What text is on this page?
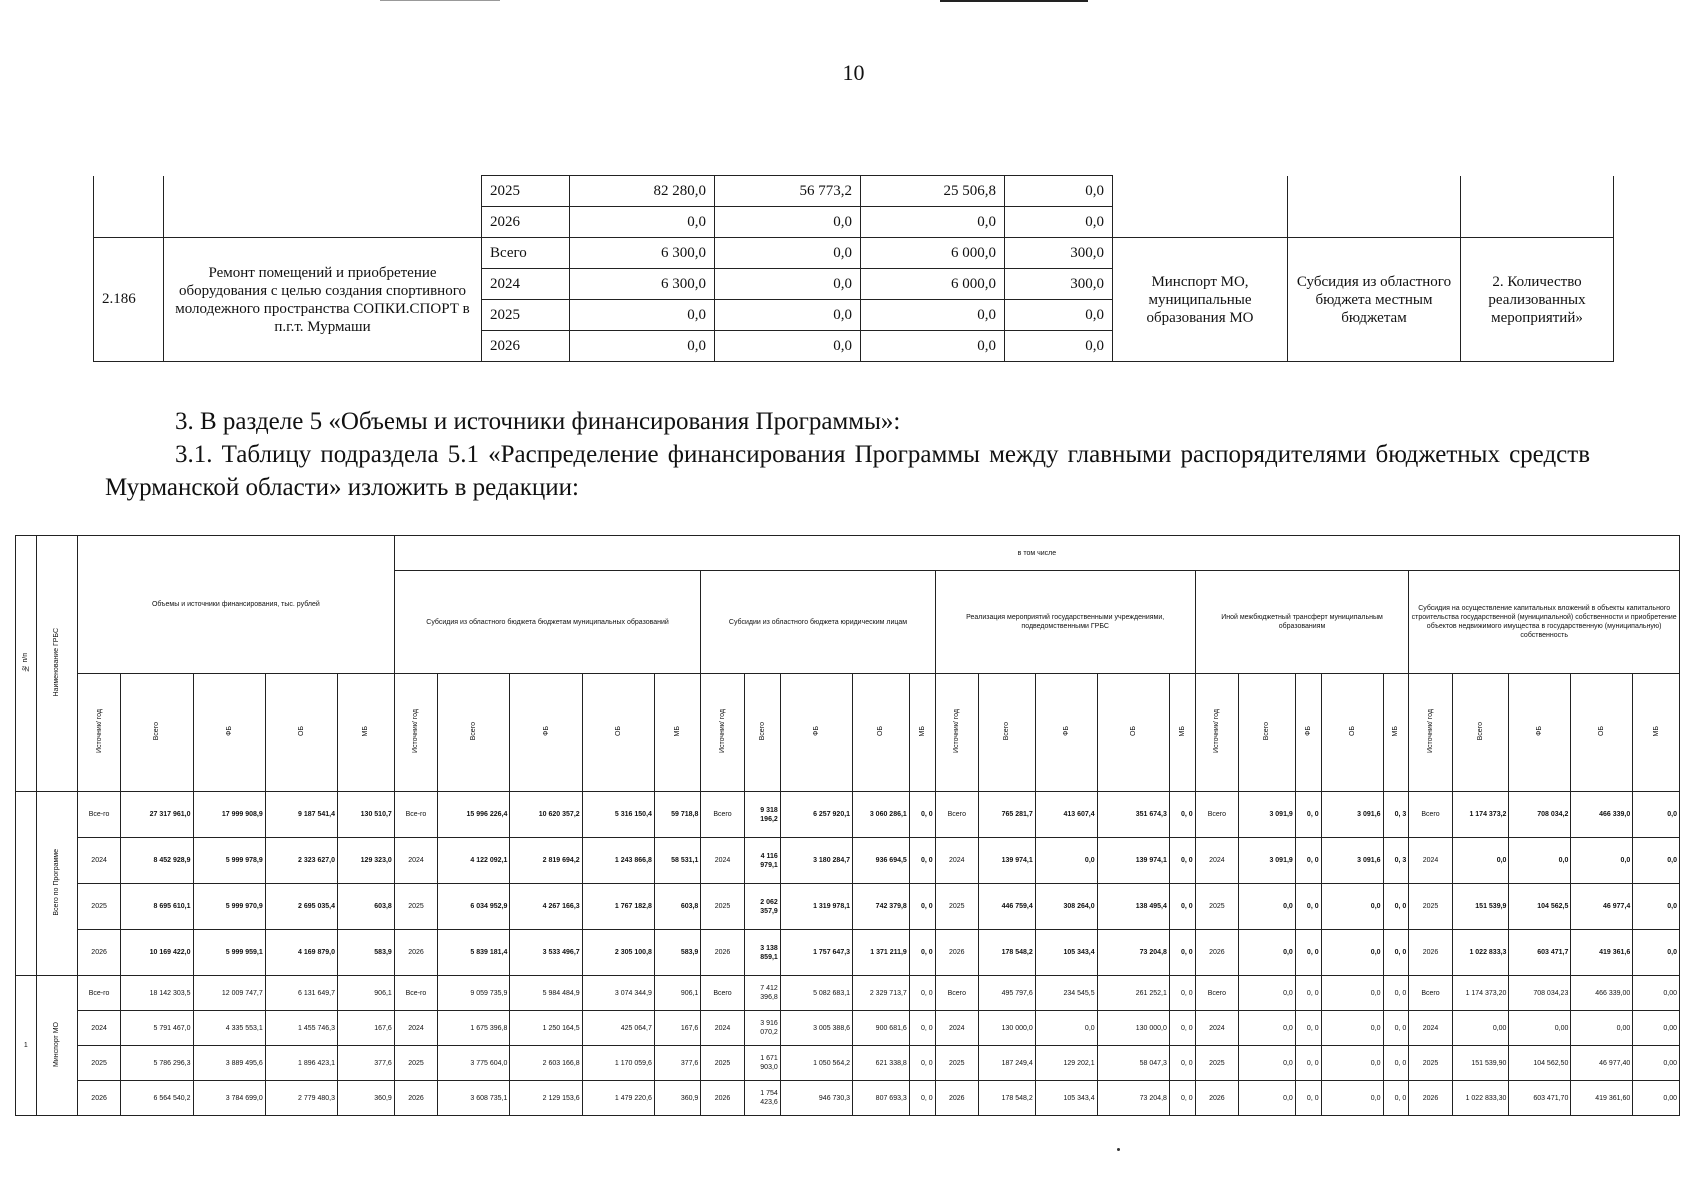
10
		2025	82 280,0	56 773,2	25 506,8	0,0			
		2026	0,0	0,0	0,0	0,0			
2.186	Ремонт помещений и приобретение оборудования с целью создания спортивного молодежного пространства СОПКИ.СПОРТ в п.г.т. Мурмаши	Всего	6 300,0	0,0	6 000,0	300,0	Минспорт МО, муниципальные образования МО	Субсидия из областного бюджета местным бюджетам	2. Количество реализованных мероприятий»
		2024	6 300,0	0,0	6 000,0	300,0			
		2025	0,0	0,0	0,0	0,0			
		2026	0,0	0,0	0,0	0,0			
3. В разделе 5 «Объемы и источники финансирования Программы»:
3.1. Таблицу подраздела 5.1 «Распределение финансирования Программы между главными распорядителями бюджетных средств Мурманской области» изложить в редакции:
№ п/п	Наименование ГРБС	Объемы и источники финансирования, тыс. рублей					в том числе																								
							Субсидия из областного бюджета бюджетам муниципальных образований					Субсидии из областного бюджета юридическим лицам					Реализация мероприятий государственными учреждениями, подведомственными ГРБС					Иной межбюджетный трансферт муниципальным образованиям					Субсидия на осуществление капитальных вложений в объекты капитального строительства государственной (муниципальной) собственности и приобретение объектов недвижимого имущества в государственную (муниципальную) собственность				
		Источник/ год	Всего	ФБ	ОБ	МБ	Источник/ год	Всего	ФБ	ОБ	МБ	Источник/ год	Всего	ФБ	ОБ	МБ	Источник/ год	Всего	ФБ	ОБ	МБ	Источник/ год	Всего	ФБ	ОБ	МБ	Источник/ год	Всего	ФБ	ОБ	МБ
	Всего по Программе	Все-го	27 317 961,0	17 999 908,9	9 187 541,4	130 510,7	Все-го	15 996 226,4	10 620 357,2	5 316 150,4	59 718,8	Всего	9 318 196,2	6 257 920,1	3 060 286,1	0, 0	Всего	765 281,7	413 607,4	351 674,3	0, 0	Всего	3 091,9	0, 0	3 091,6	0, 3	Всего	1 174 373,2	708 034,2	466 339,0	0,0
		2024	8 452 928,9	5 999 978,9	2 323 627,0	129 323,0	2024	4 122 092,1	2 819 694,2	1 243 866,8	58 531,1	2024	4 116 979,1	3 180 284,7	936 694,5	0, 0	2024	139 974,1	0,0	139 974,1	0, 0	2024	3 091,9	0, 0	3 091,6	0, 3	2024	0,0	0,0	0,0	0,0
		2025	8 695 610,1	5 999 970,9	2 695 035,4	603,8	2025	6 034 952,9	4 267 166,3	1 767 182,8	603,8	2025	2 062 357,9	1 319 978,1	742 379,8	0, 0	2025	446 759,4	308 264,0	138 495,4	0, 0	2025	0,0	0, 0	0,0	0, 0	2025	151 539,9	104 562,5	46 977,4	0,0
		2026	10 169 422,0	5 999 959,1	4 169 879,0	583,9	2026	5 839 181,4	3 533 496,7	2 305 100,8	583,9	2026	3 138 859,1	1 757 647,3	1 371 211,9	0, 0	2026	178 548,2	105 343,4	73 204,8	0, 0	2026	0,0	0, 0	0,0	0, 0	2026	1 022 833,3	603 471,7	419 361,6	0,0
1	Минспорт МО	Все-го	18 142 303,5	12 009 747,7	6 131 649,7	906,1	Все-го	9 059 735,9	5 984 484,9	3 074 344,9	906,1	Всего	7 412 396,8	5 082 683,1	2 329 713,7	0, 0	Всего	495 797,6	234 545,5	261 252,1	0, 0	Всего	0,0	0, 0	0,0	0, 0	Всего	1 174 373,20	708 034,23	466 339,00	0,00
		2024	5 791 467,0	4 335 553,1	1 455 746,3	167,6	2024	1 675 396,8	1 250 164,5	425 064,7	167,6	2024	3 916 070,2	3 005 388,6	900 681,6	0, 0	2024	130 000,0	0,0	130 000,0	0, 0	2024	0,0	0, 0	0,0	0, 0	2024	0,00	0,00	0,00	0,00
		2025	5 786 296,3	3 889 495,6	1 896 423,1	377,6	2025	3 775 604,0	2 603 166,8	1 170 059,6	377,6	2025	1 671 903,0	1 050 564,2	621 338,8	0, 0	2025	187 249,4	129 202,1	58 047,3	0, 0	2025	0,0	0, 0	0,0	0, 0	2025	151 539,90	104 562,50	46 977,40	0,00
		2026	6 564 540,2	3 784 699,0	2 779 480,3	360,9	2026	3 608 735,1	2 129 153,6	1 479 220,6	360,9	2026	1 754 423,6	946 730,3	807 693,3	0, 0	2026	178 548,2	105 343,4	73 204,8	0, 0	2026	0,0	0, 0	0,0	0, 0	2026	1 022 833,30	603 471,70	419 361,60	0,00
